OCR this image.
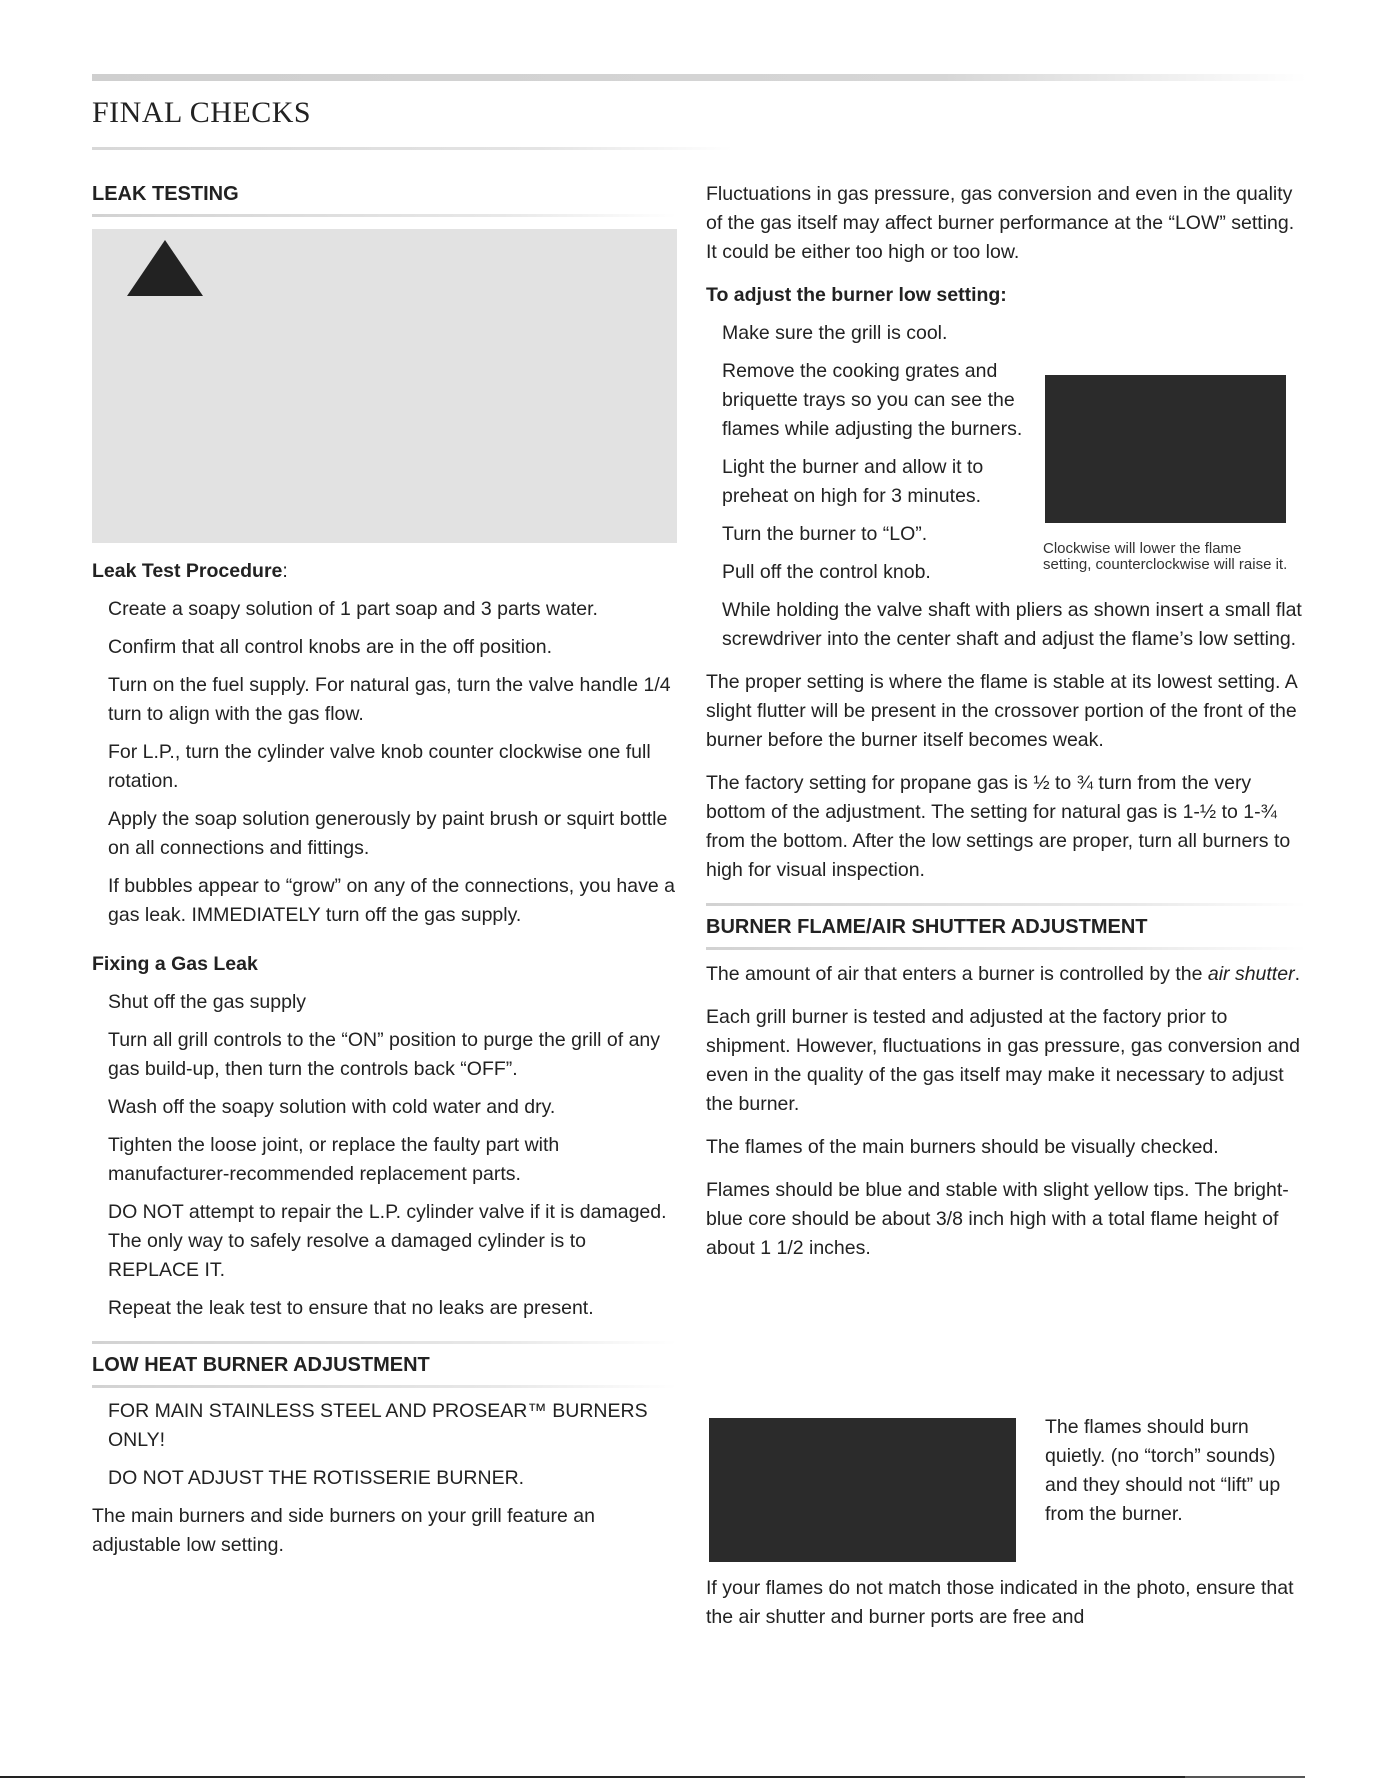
FINAL CHECKS
LEAK TESTING

Leak Test Procedure:

Create a soapy solution of 1 part soap and 3 parts water.
Confirm that all control knobs are in the off position.
Turn on the fuel supply. For natural gas, turn the valve handle 1/4 turn to align with the gas flow.
For L.P., turn the cylinder valve knob counter clockwise one full rotation.
Apply the soap solution generously by paint brush or squirt bottle on all connections and fittings.
If bubbles appear to “grow” on any of the connections, you have a gas leak. IMMEDIATELY turn off the gas supply.

Fixing a Gas Leak

Shut off the gas supply
Turn all grill controls to the “ON” position to purge the grill of any gas build-up, then turn the controls back “OFF”.
Wash off the soapy solution with cold water and dry.
Tighten the loose joint, or replace the faulty part with manufacturer-recommended replacement parts.
DO NOT attempt to repair the L.P. cylinder valve if it is damaged. The only way to safely resolve a damaged cylinder is to REPLACE IT.
Repeat the leak test to ensure that no leaks are present.
LOW HEAT BURNER ADJUSTMENT
FOR MAIN STAINLESS STEEL AND PROSEAR™ BURNERS ONLY!
DO NOT ADJUST THE ROTISSERIE BURNER.

The main burners and side burners on your grill feature an adjustable low setting.

Fluctuations in gas pressure, gas conversion and even in the quality of the gas itself may affect burner performance at the “LOW” setting. It could be either too high or too low.

To adjust the burner low setting:

Make sure the grill is cool.
Remove the cooking grates and briquette trays so you can see the flames while adjusting the burners.
Light the burner and allow it to preheat on high for 3 minutes.
Turn the burner to “LO”.
Pull off the control knob.
While holding the valve shaft with pliers as shown insert a small flat screwdriver into the center shaft and adjust the flame’s low setting.

The proper setting is where the flame is stable at its lowest setting. A slight flutter will be present in the crossover portion of the front of the burner before the burner itself becomes weak.

The factory setting for propane gas is ½ to ¾ turn from the very bottom of the adjustment. The setting for natural gas is 1-½ to 1-¾ from the bottom. After the low settings are proper, turn all burners to high for visual inspection.

BURNER FLAME/AIR SHUTTER ADJUSTMENT

The amount of air that enters a burner is controlled by the air shutter.

Each grill burner is tested and adjusted at the factory prior to shipment. However, fluctuations in gas pressure, gas conversion and even in the quality of the gas itself may make it necessary to adjust the burner.

The flames of the main burners should be visually checked.

Flames should be blue and stable with slight yellow tips. The bright-blue core should be about 3/8 inch high with a total flame height of about 1 1/2 inches.

Clockwise will lower the flame setting, counterclockwise will raise it.

The flames should burn quietly. (no “torch” sounds) and they should not “lift” up from the burner.

If your flames do not match those indicated in the photo, ensure that the air shutter and burner ports are free and
